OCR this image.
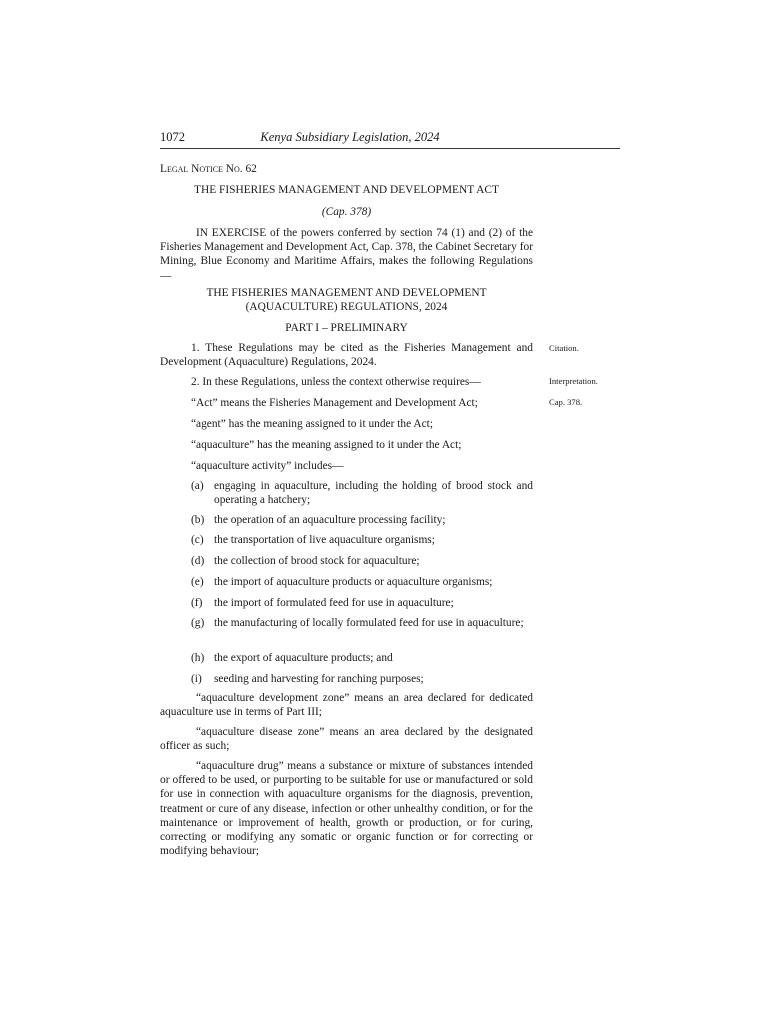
1072	Kenya Subsidiary Legislation, 2024
Legal Notice No. 62
THE FISHERIES MANAGEMENT AND DEVELOPMENT ACT
(Cap. 378)
IN EXERCISE of the powers conferred by section 74 (1) and (2) of the Fisheries Management and Development Act, Cap. 378, the Cabinet Secretary for Mining, Blue Economy and Maritime Affairs, makes the following Regulations—
THE FISHERIES MANAGEMENT AND DEVELOPMENT
(AQUACULTURE) REGULATIONS, 2024
PART I – PRELIMINARY
1. These Regulations may be cited as the Fisheries Management and Development (Aquaculture) Regulations, 2024.
Citation.
2. In these Regulations, unless the context otherwise requires—	Interpretation.
“Act” means the Fisheries Management and Development Act;	Cap. 378.
“agent” has the meaning assigned to it under the Act;
“aquaculture” has the meaning assigned to it under the Act;
“aquaculture activity” includes—
(a) engaging in aquaculture, including the holding of brood stock and operating a hatchery;
(b) the operation of an aquaculture processing facility;
(c) the transportation of live aquaculture organisms;
(d) the collection of brood stock for aquaculture;
(e) the import of aquaculture products or aquaculture organisms;
(f)	the import of formulated feed for use in aquaculture;
(g) the manufacturing of locally formulated feed for use in aquaculture;
(h) the export of aquaculture products; and
(i)	seeding and harvesting for ranching purposes;
“aquaculture development zone” means an area declared for dedicated aquaculture use in terms of Part III;
“aquaculture disease zone” means an area declared by the designated officer as such;
“aquaculture drug” means a substance or mixture of substances intended or offered to be used, or purporting to be suitable for use or manufactured or sold for use in connection with aquaculture organisms for the diagnosis, prevention, treatment or cure of any disease, infection or other unhealthy condition, or for the maintenance or improvement of health, growth or production, or for curing, correcting or modifying any somatic or organic function or for correcting or modifying behaviour;
